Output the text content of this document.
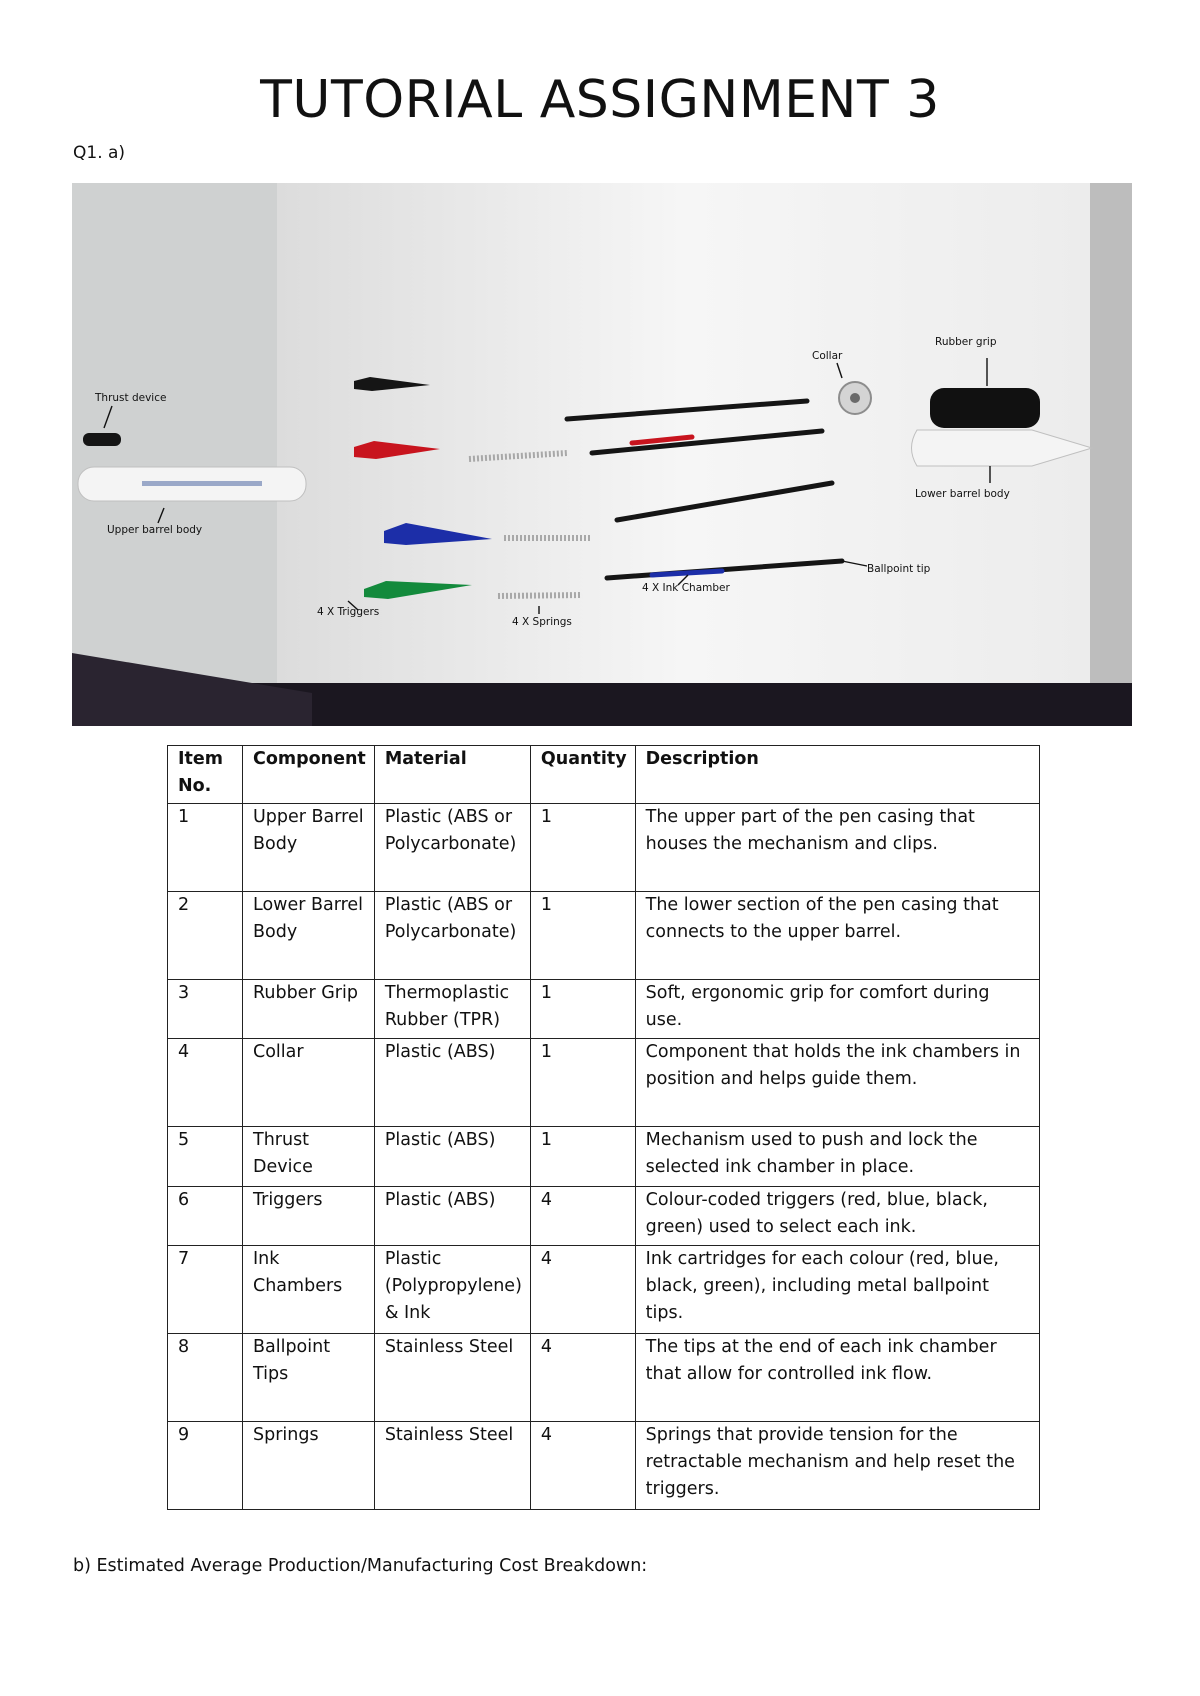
TUTORIAL ASSIGNMENT 3
Q1. a)
Thrust device
Upper barrel body
4 X Triggers
4 X Springs
4 X Ink Chamber
Collar
Rubber grip
Lower barrel body
Ballpoint tip
Item No.	Component	Material	Quantity	Description
1	Upper Barrel Body	Plastic (ABS or Polycarbonate)	1	The upper part of the pen casing that houses the mechanism and clips.
2	Lower Barrel Body	Plastic (ABS or Polycarbonate)	1	The lower section of the pen casing that connects to the upper barrel.
3	Rubber Grip	Thermoplastic Rubber (TPR)	1	Soft, ergonomic grip for comfort during use.
4	Collar	Plastic (ABS)	1	Component that holds the ink chambers in position and helps guide them.
5	Thrust Device	Plastic (ABS)	1	Mechanism used to push and lock the selected ink chamber in place.
6	Triggers	Plastic (ABS)	4	Colour-coded triggers (red, blue, black, green) used to select each ink.
7	Ink Chambers	Plastic (Polypropylene) & Ink	4	Ink cartridges for each colour (red, blue, black, green), including metal ballpoint tips.
8	Ballpoint Tips	Stainless Steel	4	The tips at the end of each ink chamber that allow for controlled ink flow.
9	Springs	Stainless Steel	4	Springs that provide tension for the retractable mechanism and help reset the triggers.
b) Estimated Average Production/Manufacturing Cost Breakdown:
